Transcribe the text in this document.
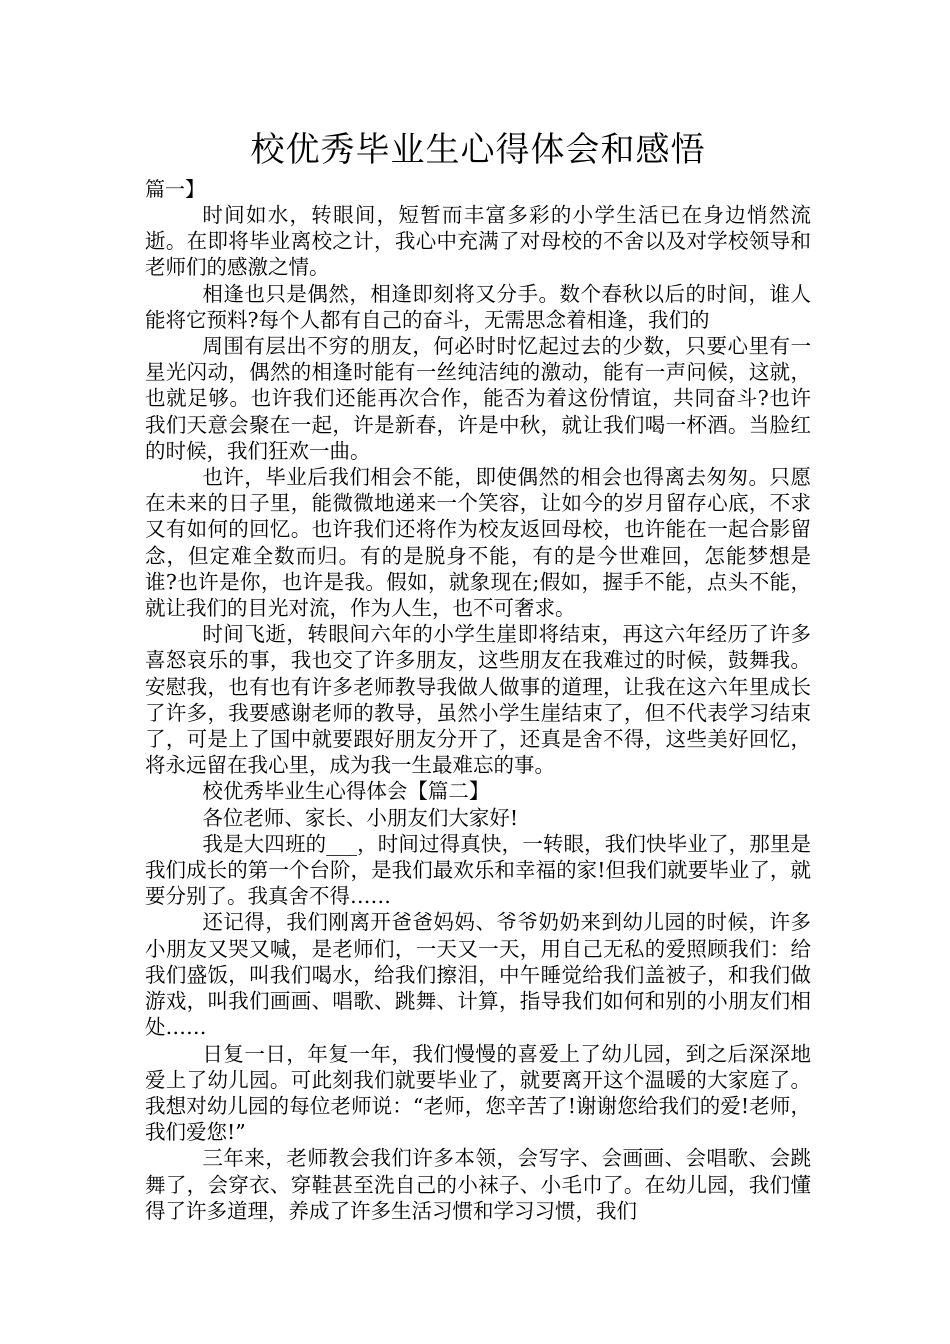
校优秀毕业生心得体会和感悟

篇一】

时间如水，转眼间，短暂而丰富多彩的小学生活已在身边悄然流逝。在即将毕业离校之计，我心中充满了对母校的不舍以及对学校领导和老师们的感激之情。

相逢也只是偶然，相逢即刻将又分手。数个春秋以后的时间，谁人能将它预料?每个人都有自己的奋斗，无需思念着相逢，我们的

周围有层出不穷的朋友，何必时时忆起过去的少数，只要心里有一星光闪动，偶然的相逢时能有一丝纯洁纯的激动，能有一声问候，这就，也就足够。也许我们还能再次合作，能否为着这份情谊，共同奋斗?也许我们天意会聚在一起，许是新春，许是中秋，就让我们喝一杯酒。当脸红的时候，我们狂欢一曲。

也许，毕业后我们相会不能，即使偶然的相会也得离去匆匆。只愿在未来的日子里，能微微地递来一个笑容，让如今的岁月留存心底，不求又有如何的回忆。也许我们还将作为校友返回母校，也许能在一起合影留念，但定难全数而归。有的是脱身不能，有的是今世难回，怎能梦想是谁?也许是你，也许是我。假如，就象现在;假如，握手不能，点头不能，就让我们的目光对流，作为人生，也不可奢求。

时间飞逝，转眼间六年的小学生崖即将结束，再这六年经历了许多喜怒哀乐的事，我也交了许多朋友，这些朋友在我难过的时候，鼓舞我。安慰我，也有也有许多老师教导我做人做事的道理，让我在这六年里成长了许多，我要感谢老师的教导，虽然小学生崖结束了，但不代表学习结束了，可是上了国中就要跟好朋友分开了，还真是舍不得，这些美好回忆，将永远留在我心里，成为我一生最难忘的事。

校优秀毕业生心得体会【篇二】

各位老师、家长、小朋友们大家好!

我是大四班的___，时间过得真快，一转眼，我们快毕业了，那里是我们成长的第一个台阶，是我们最欢乐和幸福的家!但我们就要毕业了，就要分别了。我真舍不得……

还记得，我们刚离开爸爸妈妈、爷爷奶奶来到幼儿园的时候，许多小朋友又哭又喊，是老师们，一天又一天，用自己无私的爱照顾我们：给我们盛饭，叫我们喝水，给我们擦泪，中午睡觉给我们盖被子，和我们做游戏，叫我们画画、唱歌、跳舞、计算，指导我们如何和别的小朋友们相处……

日复一日，年复一年，我们慢慢的喜爱上了幼儿园，到之后深深地爱上了幼儿园。可此刻我们就要毕业了，就要离开这个温暖的大家庭了。我想对幼儿园的每位老师说：“老师，您辛苦了!谢谢您给我们的爱!老师，我们爱您!”

三年来，老师教会我们许多本领，会写字、会画画、会唱歌、会跳舞了，会穿衣、穿鞋甚至洗自己的小袜子、小毛巾了。在幼儿园，我们懂得了许多道理，养成了许多生活习惯和学习习惯，我们
